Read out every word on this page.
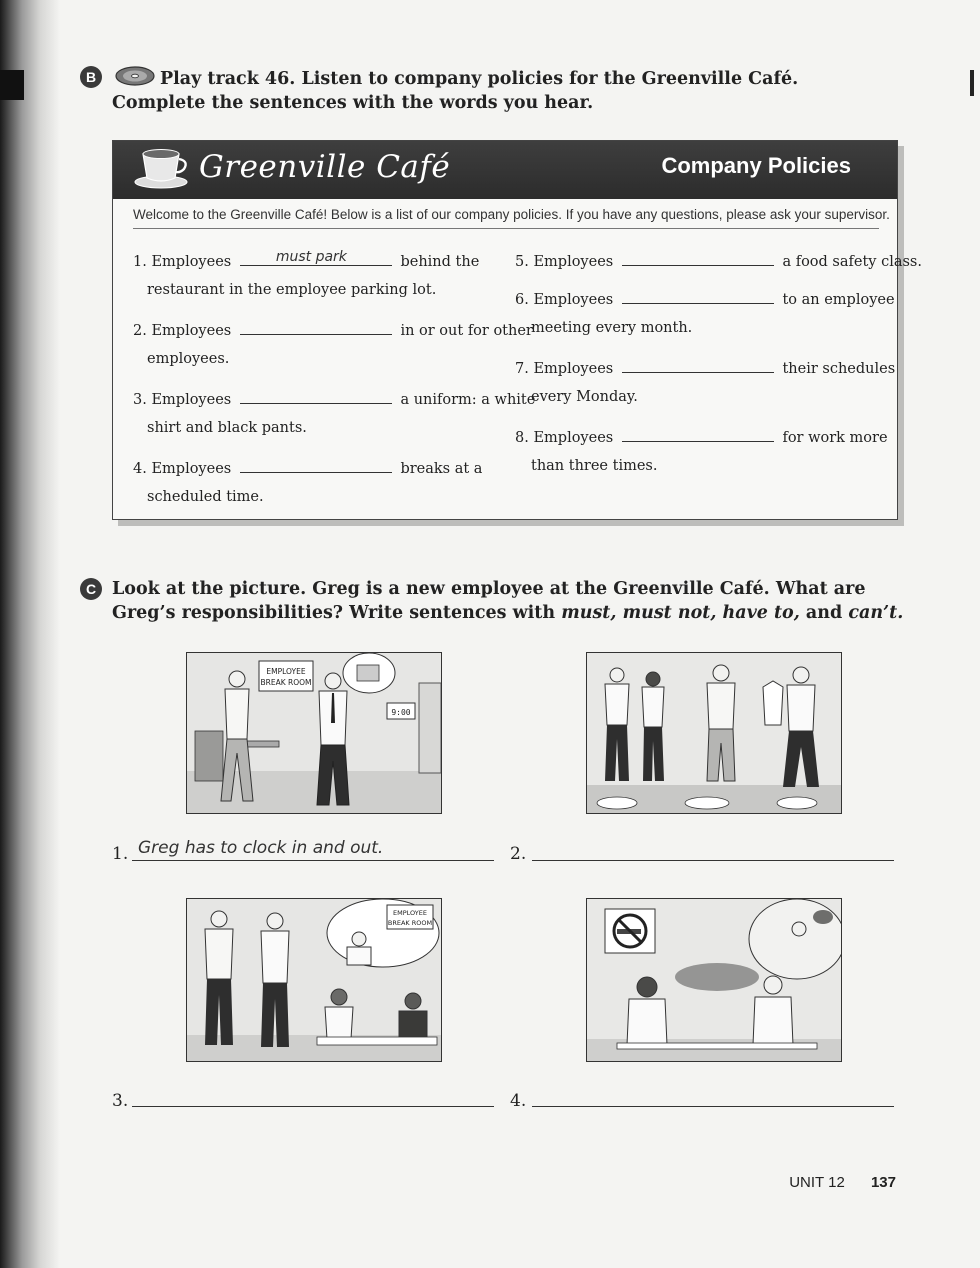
B	Play track 46. Listen to company policies for the Greenville Café.
Complete the sentences with the words you hear.
Greenville Café	Company Policies
Welcome to the Greenville Café! Below is a list of our company policies. If you have any questions, please ask your supervisor.
1. Employees	must park	behind the
restaurant in the employee parking lot.
2. Employees	in or out for other
employees.
3. Employees	a uniform: a white
shirt and black pants.
4. Employees	breaks at a
scheduled time.
5. Employees	a food safety class.
6. Employees	to an employee
meeting every month.
7. Employees	their schedules
every Monday.
8. Employees	for work more
than three times.
C Look at the picture. Greg is a new employee at the Greenville Café. What are
Greg’s responsibilities? Write sentences with must, must not, have to, and can’t.
EMPLOYEE
BREAK ROOM
9:00
1. Greg has to clock in and out.	2.
EMPLOYEE
BREAK ROOM
3.	4.
UNIT 12 137
